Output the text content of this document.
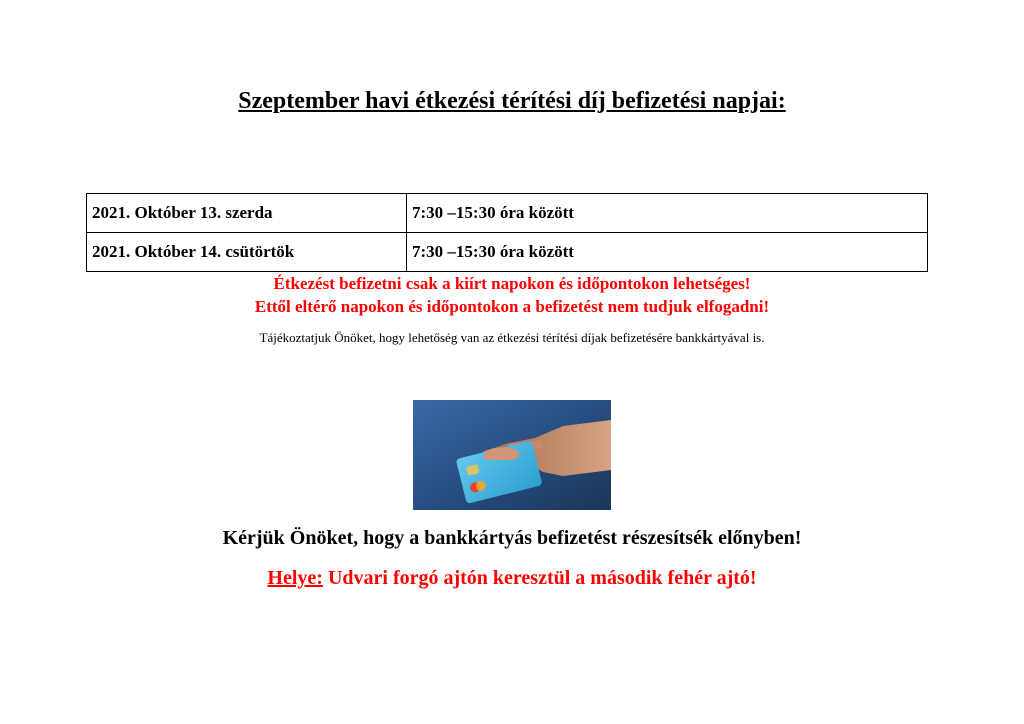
Szeptember havi étkezési térítési díj befizetési napjai:
2021. Október 13. szerda	7:30 –15:30 óra között
2021. Október 14. csütörtök	7:30 –15:30 óra között
Étkezést befizetni csak a kiírt napokon és időpontokon lehetséges!
Ettől eltérő napokon és időpontokon a befizetést nem tudjuk elfogadni!
Tájékoztatjuk Önöket, hogy lehetőség van az étkezési térítési díjak befizetésére bankkártyával is.
Kérjük Önöket, hogy a bankkártyás befizetést részesítsék előnyben!
Helye: Udvari forgó ajtón keresztül a második fehér ajtó!
